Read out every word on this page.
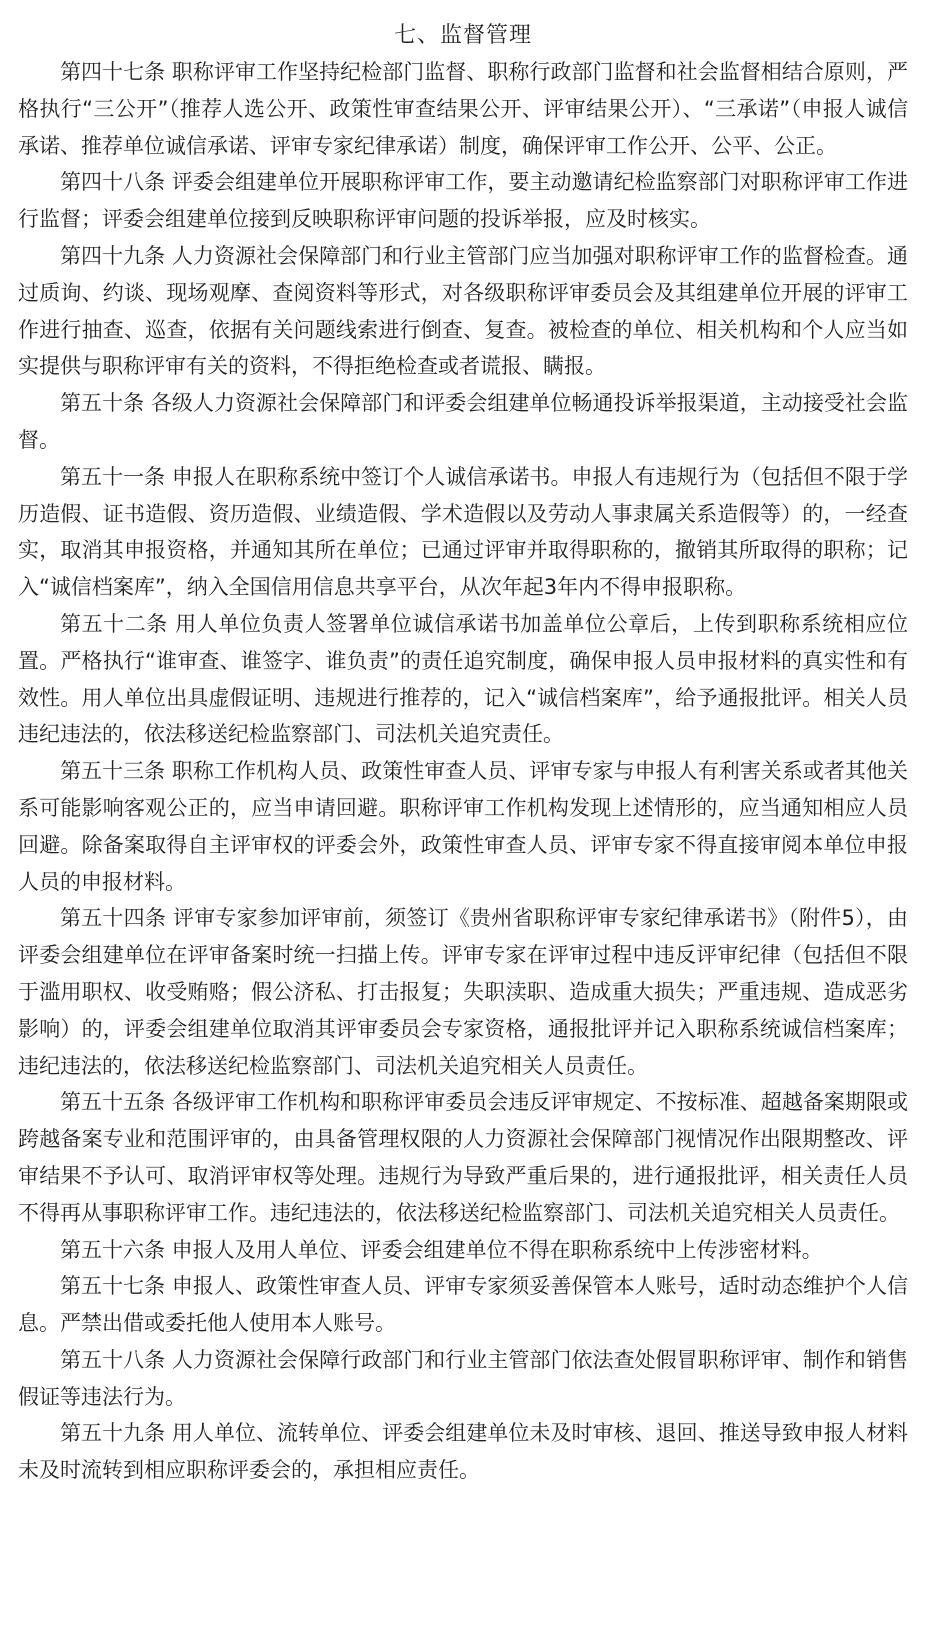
七、监督管理

第四十七条 职称评审工作坚持纪检部门监督、职称行政部门监督和社会监督相结合原则，严格执行“三公开”（推荐人选公开、政策性审查结果公开、评审结果公开）、“三承诺”（申报人诚信承诺、推荐单位诚信承诺、评审专家纪律承诺）制度，确保评审工作公开、公平、公正。

第四十八条 评委会组建单位开展职称评审工作，要主动邀请纪检监察部门对职称评审工作进行监督；评委会组建单位接到反映职称评审问题的投诉举报，应及时核实。

第四十九条 人力资源社会保障部门和行业主管部门应当加强对职称评审工作的监督检查。通过质询、约谈、现场观摩、查阅资料等形式，对各级职称评审委员会及其组建单位开展的评审工作进行抽查、巡查，依据有关问题线索进行倒查、复查。被检查的单位、相关机构和个人应当如实提供与职称评审有关的资料，不得拒绝检查或者谎报、瞒报。

第五十条 各级人力资源社会保障部门和评委会组建单位畅通投诉举报渠道，主动接受社会监督。

第五十一条 申报人在职称系统中签订个人诚信承诺书。申报人有违规行为（包括但不限于学历造假、证书造假、资历造假、业绩造假、学术造假以及劳动人事隶属关系造假等）的，一经查实，取消其申报资格，并通知其所在单位；已通过评审并取得职称的，撤销其所取得的职称；记入“诚信档案库”，纳入全国信用信息共享平台，从次年起3年内不得申报职称。

第五十二条 用人单位负责人签署单位诚信承诺书加盖单位公章后，上传到职称系统相应位置。严格执行“谁审查、谁签字、谁负责”的责任追究制度，确保申报人员申报材料的真实性和有效性。用人单位出具虚假证明、违规进行推荐的，记入“诚信档案库”，给予通报批评。相关人员违纪违法的，依法移送纪检监察部门、司法机关追究责任。

第五十三条 职称工作机构人员、政策性审查人员、评审专家与申报人有利害关系或者其他关系可能影响客观公正的，应当申请回避。职称评审工作机构发现上述情形的，应当通知相应人员回避。除备案取得自主评审权的评委会外，政策性审查人员、评审专家不得直接审阅本单位申报人员的申报材料。

第五十四条 评审专家参加评审前，须签订《贵州省职称评审专家纪律承诺书》（附件5），由评委会组建单位在评审备案时统一扫描上传。评审专家在评审过程中违反评审纪律（包括但不限于滥用职权、收受贿赂；假公济私、打击报复；失职渎职、造成重大损失；严重违规、造成恶劣影响）的，评委会组建单位取消其评审委员会专家资格，通报批评并记入职称系统诚信档案库；违纪违法的，依法移送纪检监察部门、司法机关追究相关人员责任。

第五十五条 各级评审工作机构和职称评审委员会违反评审规定、不按标准、超越备案期限或跨越备案专业和范围评审的，由具备管理权限的人力资源社会保障部门视情况作出限期整改、评审结果不予认可、取消评审权等处理。违规行为导致严重后果的，进行通报批评，相关责任人员不得再从事职称评审工作。违纪违法的，依法移送纪检监察部门、司法机关追究相关人员责任。

第五十六条 申报人及用人单位、评委会组建单位不得在职称系统中上传涉密材料。

第五十七条 申报人、政策性审查人员、评审专家须妥善保管本人账号，适时动态维护个人信息。严禁出借或委托他人使用本人账号。

第五十八条 人力资源社会保障行政部门和行业主管部门依法查处假冒职称评审、制作和销售假证等违法行为。

第五十九条 用人单位、流转单位、评委会组建单位未及时审核、退回、推送导致申报人材料未及时流转到相应职称评委会的，承担相应责任。
